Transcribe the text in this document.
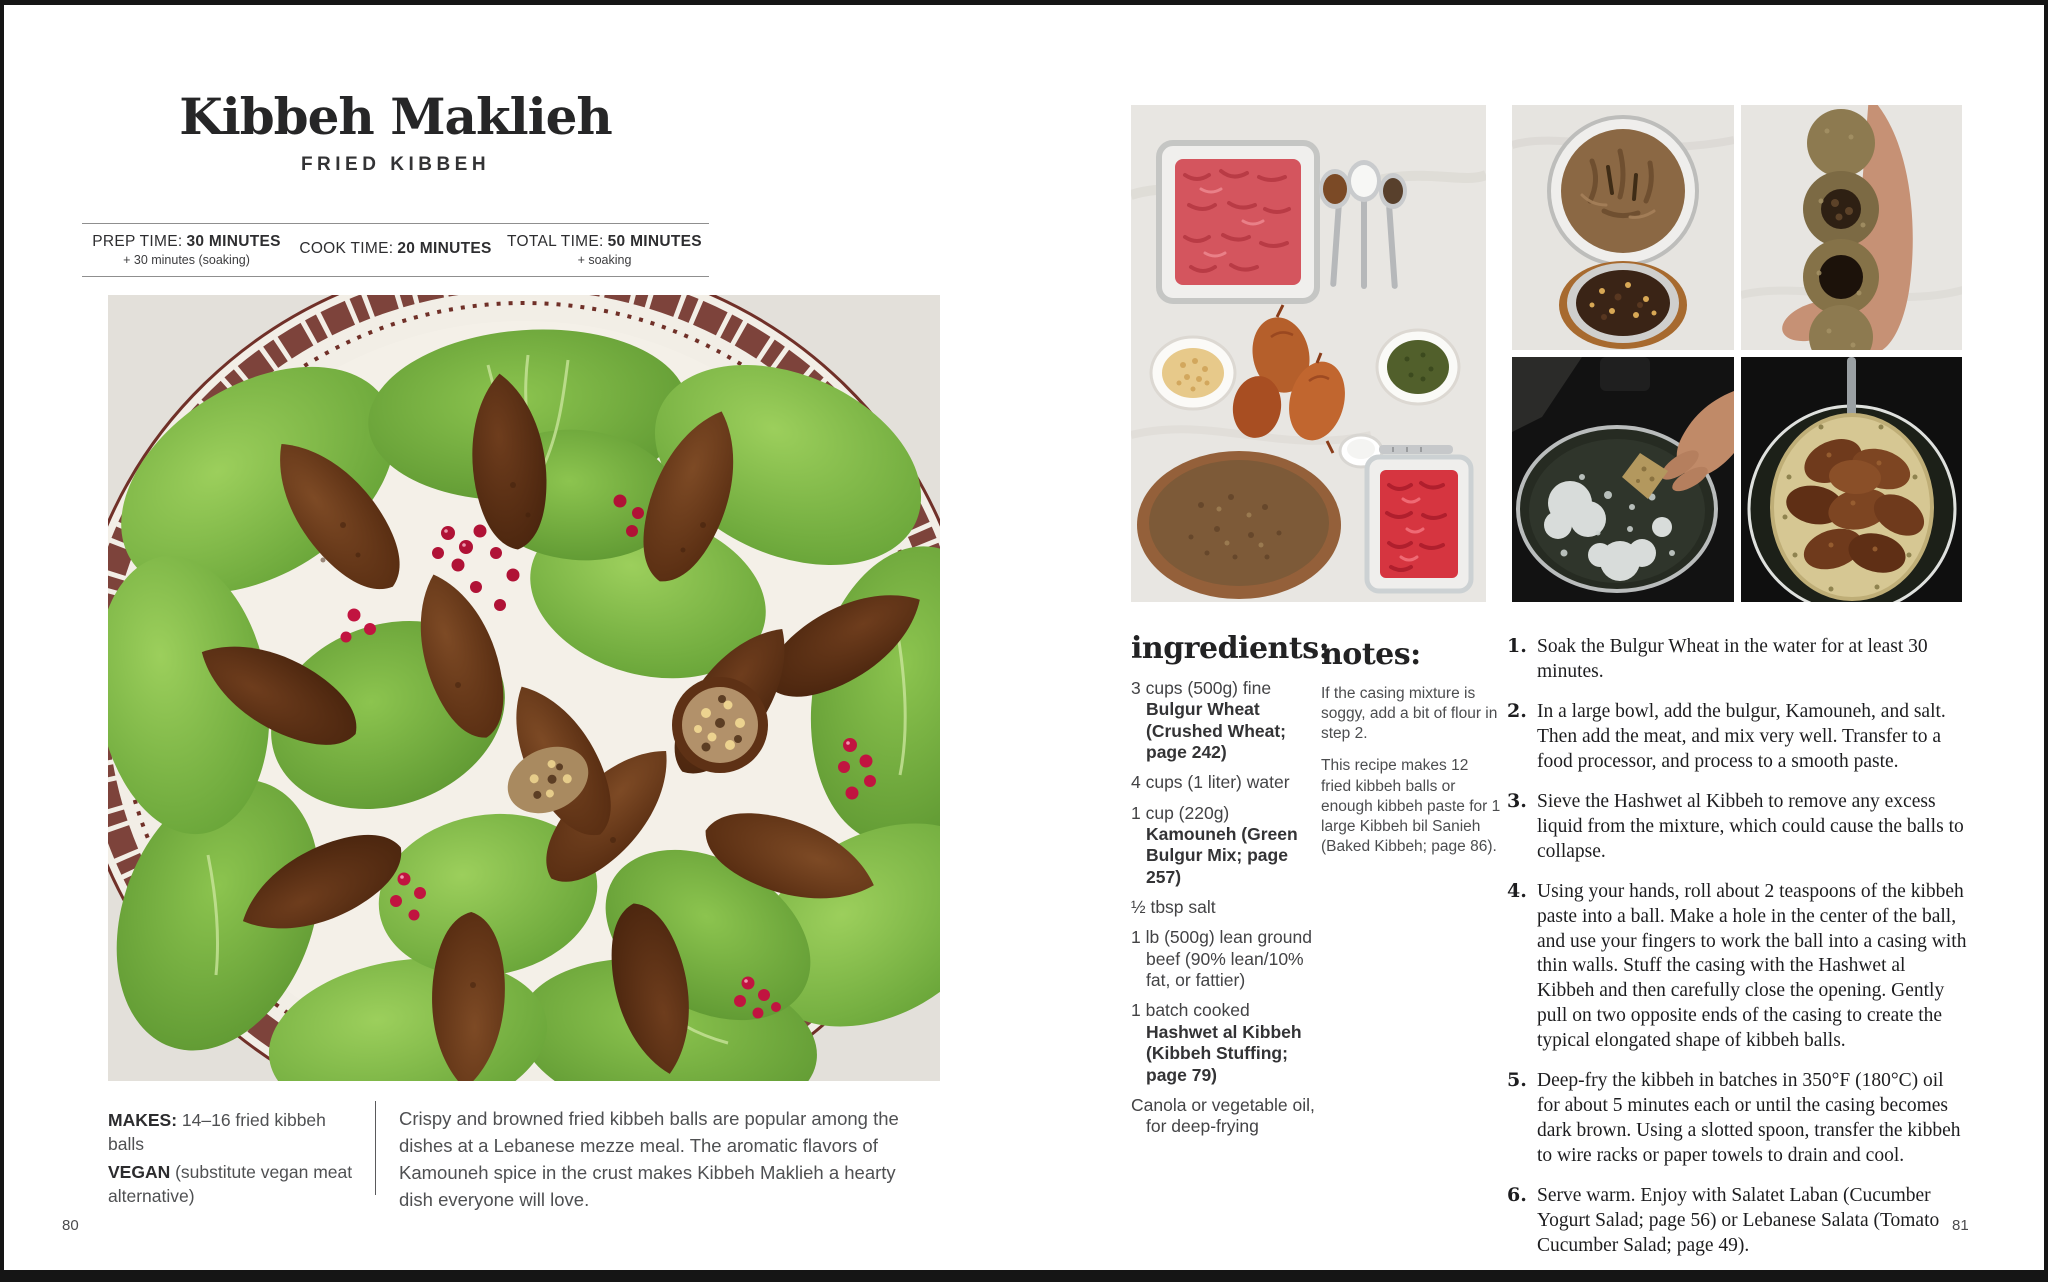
Kibbeh Maklieh
FRIED KIBBEH
PREP TIME: 30 MINUTES
+ 30 minutes (soaking)
COOK TIME: 20 MINUTES TOTAL TIME: 50 MINUTES
+ soaking
MAKES: 14–16 fried kibbeh balls
VEGAN (substitute vegan meat alternative)
Crispy and browned fried kibbeh balls are popular among the dishes at a Lebanese mezze meal. The aromatic flavors of Kamouneh spice in the crust makes Kibbeh Maklieh a hearty dish everyone will love.
80
ingredients:
3 cups (500g) fine Bulgur Wheat (Crushed Wheat; page 242)
4 cups (1 liter) water
1 cup (220g) Kamouneh (Green Bulgur Mix; page 257)
½ tbsp salt
1 lb (500g) lean ground beef (90% lean/10% fat, or fattier)
1 batch cooked Hashwet al Kibbeh (Kibbeh Stuffing; page 79)
Canola or vegetable oil, for deep-frying
notes:

If the casing mixture is soggy, add a bit of flour in step 2.

This recipe makes 12 fried kibbeh balls or enough kibbeh paste for 1 large Kibbeh bil Sanieh (Baked Kibbeh; page 86).

1. Soak the Bulgur Wheat in the water for at least 30 minutes.
2. In a large bowl, add the bulgur, Kamouneh, and salt. Then add the meat, and mix very well. Transfer to a food processor, and process to a smooth paste.
3. Sieve the Hashwet al Kibbeh to remove any excess liquid from the mixture, which could cause the balls to collapse.
4. Using your hands, roll about 2 teaspoons of the kibbeh paste into a ball. Make a hole in the center of the ball, and use your fingers to work the ball into a casing with thin walls. Stuff the casing with the Hashwet al Kibbeh and then carefully close the opening. Gently pull on two opposite ends of the casing to create the typical elongated shape of kibbeh balls.
5. Deep-fry the kibbeh in batches in 350°F (180°C) oil for about 5 minutes each or until the casing becomes dark brown. Using a slotted spoon, transfer the kibbeh to wire racks or paper towels to drain and cool.
6. Serve warm. Enjoy with Salatet Laban (Cucumber Yogurt Salad; page 56) or Lebanese Salata (Tomato Cucumber Salad; page 49).
81
